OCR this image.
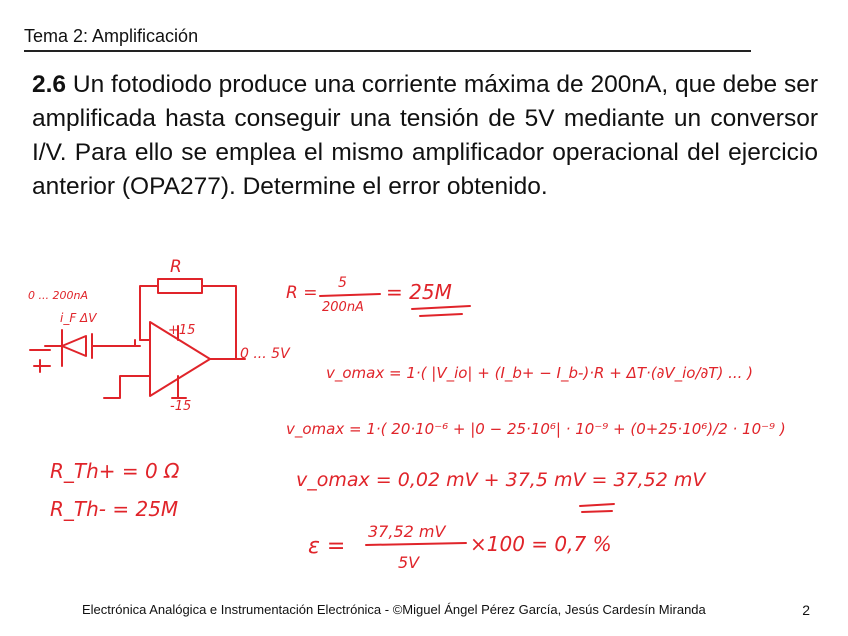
Tema 2: Amplificación
2.6 Un fotodiodo produce una corriente máxima de 200nA, que debe ser amplificada hasta conseguir una tensión de 5V mediante un conversor I/V. Para ello se emplea el mismo amplificador operacional del ejercicio anterior (OPA277). Determine el error obtenido.
R
0 ... 200nA
i_F ΔV
+15
-15
0 ... 5V
R = 5
200nA
= 25M
v_omax = 1·( |V_io| + (I_b+ − I_b-)·R + ΔT·(∂V_io/∂T) ... )
v_omax = 1·( 20·10⁻⁶ + |0 − 25·10⁶| · 10⁻⁹ + (0+25·10⁶)/2 · 10⁻⁹ )
v_omax = 0,02 mV + 37,5 mV = 37,52 mV
R_Th+ = 0 Ω
R_Th- = 25M
ε =
37,52 mV
5V
×100 = 0,7 %
Electrónica Analógica e Instrumentación Electrónica - ©Miguel Ángel Pérez García, Jesús Cardesín Miranda	2
